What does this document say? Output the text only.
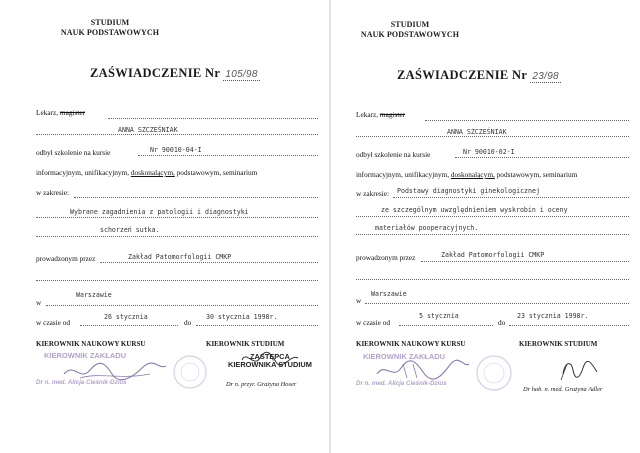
STUDIUM
NAUK PODSTAWOWYCH
ZAŚWIADCZENIE Nr 105/98
Lekarz, magister
ANNA SZCZEŚNIAK
odbył szkolenie na kursie	Nr 90010-04-I
informacyjnym, unifikacyjnym, doskonalącym, podstawowym, seminarium
w zakresie:
Wybrane zagadnienia z patologii i diagnostyki
schorzeń sutka.
prowadzonym przez	Zakład Patomorfologii CMKP
Warszawie
w
w czasie od
26 stycznia
do
30 stycznia 1998r.
KIEROWNIK NAUKOWY KURSU	KIEROWNIK STUDIUM
KIEROWNIK ZAKŁADU
Dr n. med. Alicja Cieśnik-Dzius
ZASTĘPCA
KIEROWNIKA STUDIUM
Dr n. przyr. Grażyna Hoser
STUDIUM
NAUK PODSTAWOWYCH
ZAŚWIADCZENIE Nr 23/98
Lekarz, magister
ANNA SZCZEŚNIAK
odbył szkolenie na kursie	Nr 90010-02-I
informacyjnym, unifikacyjnym, doskonalącym, podstawowym, seminarium
w zakresie: Podstawy diagnostyki ginekologicznej
ze szczególnym uwzględnieniem wyskrobin i oceny
materiałów pooperacyjnych.
prowadzonym przez	Zakład Patomorfologii CMKP
Warszawie
w
w czasie od
5 stycznia
do
23 stycznia 1998r.
KIEROWNIK NAUKOWY KURSU	KIEROWNIK STUDIUM
KIEROWNIK ZAKŁADU
Dr n. med. Alicja Cieśnik-Dzius
Dr hab. n. med. Grażyna Adler
